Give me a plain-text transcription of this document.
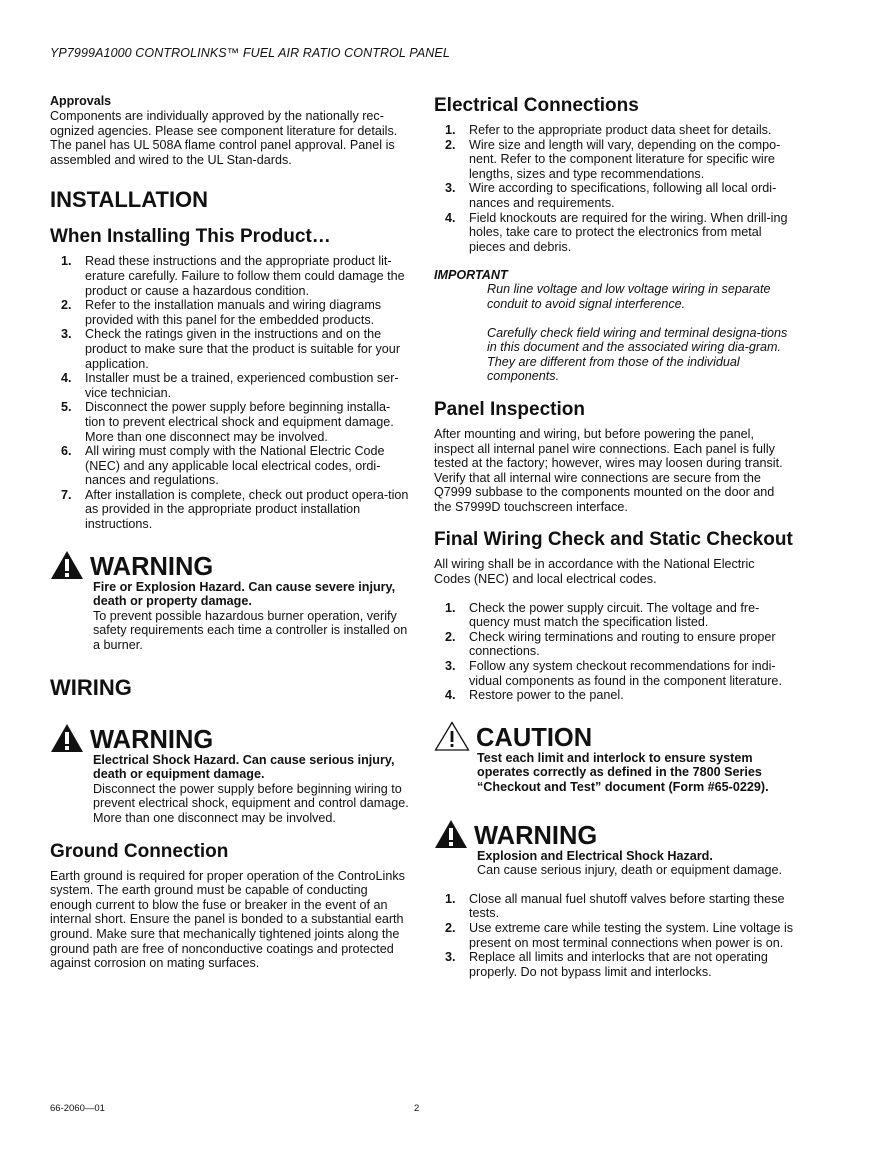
YP7999A1000 CONTROLINKS™ FUEL AIR RATIO CONTROL PANEL
Approvals

Components are individually approved by the nationally rec-ognized agencies. Please see component literature for details. The panel has UL 508A flame control panel approval. Panel is assembled and wired to the UL Stan-dards.

INSTALLATION
When Installing This Product…
1. Read these instructions and the appropriate product lit-erature carefully. Failure to follow them could damage the product or cause a hazardous condition.
2. Refer to the installation manuals and wiring diagrams provided with this panel for the embedded products.
3. Check the ratings given in the instructions and on the product to make sure that the product is suitable for your application.
4. Installer must be a trained, experienced combustion ser-vice technician.
5. Disconnect the power supply before beginning installa-tion to prevent electrical shock and equipment damage. More than one disconnect may be involved.
6. All wiring must comply with the National Electric Code (NEC) and any applicable local electrical codes, ordi-nances and regulations.
7. After installation is complete, check out product opera-tion as provided in the appropriate product installation instructions.
WARNING
Fire or Explosion Hazard. Can cause severe injury, death or property damage.
To prevent possible hazardous burner operation, verify safety requirements each time a controller is installed on a burner.
WIRING
WARNING
Electrical Shock Hazard. Can cause serious injury, death or equipment damage.
Disconnect the power supply before beginning wiring to prevent electrical shock, equipment and control damage. More than one disconnect may be involved.
Ground Connection

Earth ground is required for proper operation of the ControLinks system. The earth ground must be capable of conducting enough current to blow the fuse or breaker in the event of an internal short. Ensure the panel is bonded to a substantial earth ground. Make sure that mechanically tightened joints along the ground path are free of nonconductive coatings and protected against corrosion on mating surfaces.

Electrical Connections
1. Refer to the appropriate product data sheet for details.
2. Wire size and length will vary, depending on the compo-nent. Refer to the component literature for specific wire lengths, sizes and type recommendations.
3. Wire according to specifications, following all local ordi-nances and requirements.
4. Field knockouts are required for the wiring. When drill-ing holes, take care to protect the electronics from metal pieces and debris.
IMPORTANT

Run line voltage and low voltage wiring in separate conduit to avoid signal interference.

Carefully check field wiring and terminal designa-tions in this document and the associated wiring dia-gram. They are different from those of the individual components.

Panel Inspection

After mounting and wiring, but before powering the panel, inspect all internal panel wire connections. Each panel is fully tested at the factory; however, wires may loosen during transit. Verify that all internal wire connections are secure from the Q7999 subbase to the components mounted on the door and the S7999D touchscreen interface.

Final Wiring Check and Static Checkout

All wiring shall be in accordance with the National Electric Codes (NEC) and local electrical codes.

1. Check the power supply circuit. The voltage and fre-quency must match the specification listed.
2. Check wiring terminations and routing to ensure proper connections.
3. Follow any system checkout recommendations for indi-vidual components as found in the component literature.
4. Restore power to the panel.
CAUTION
Test each limit and interlock to ensure system operates correctly as defined in the 7800 Series “Checkout and Test” document (Form #65-0229).
WARNING
Explosion and Electrical Shock Hazard.
Can cause serious injury, death or equipment damage.
1. Close all manual fuel shutoff valves before starting these tests.
2. Use extreme care while testing the system. Line voltage is present on most terminal connections when power is on.
3. Replace all limits and interlocks that are not operating properly. Do not bypass limit and interlocks.
66-2060—01	2
